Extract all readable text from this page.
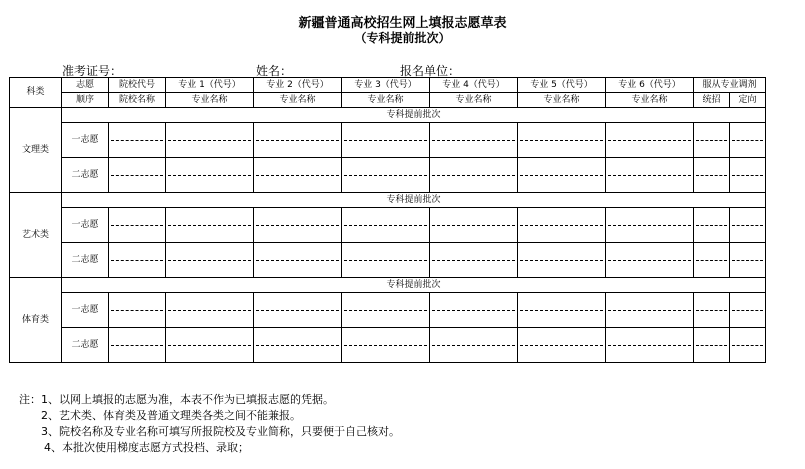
新疆普通高校招生网上填报志愿草表
（专科提前批次）
准考证号：	姓名：	报名单位：
科类	志愿	院校代号	专业 1（代号）	专业 2（代号）	专业 3（代号）	专业 4（代号）	专业 5（代号）	专业 6（代号）	服从专业调剂	
	顺序	院校名称	专业名称	专业名称	专业名称	专业名称	专业名称	专业名称	统招	定向
文理类	专科提前批次									
	一志愿									
	二志愿									
艺术类	专科提前批次									
	一志愿									
	二志愿									
体育类	专科提前批次									
	一志愿									
	二志愿									
注：1、以网上填报的志愿为准，本表不作为已填报志愿的凭据。
2、艺术类、体育类及普通文理类各类之间不能兼报。
3、院校名称及专业名称可填写所报院校及专业简称，只要便于自己核对。
4、本批次使用梯度志愿方式投档、录取；
